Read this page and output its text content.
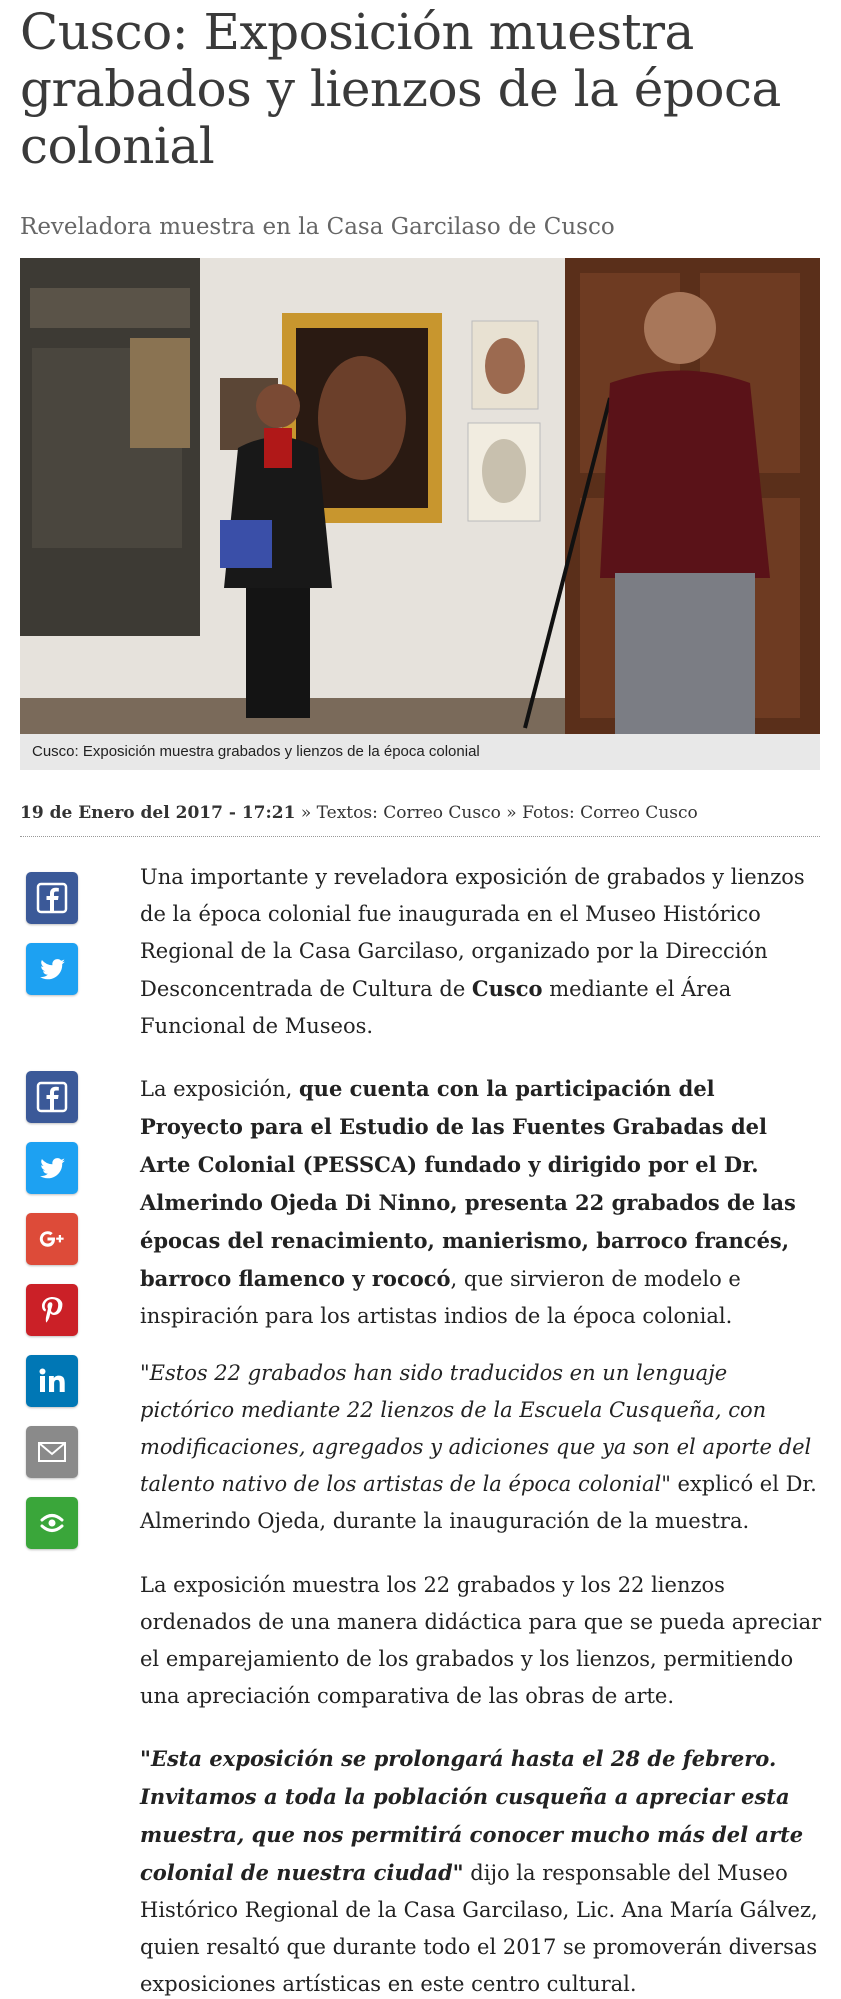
Cusco: Exposición muestra grabados y lienzos de la época colonial
Reveladora muestra en la Casa Garcilaso de Cusco
Cusco: Exposición muestra grabados y lienzos de la época colonial
19 de Enero del 2017 - 17:21 » Textos: Correo Cusco » Fotos: Correo Cusco

Una importante y reveladora exposición de grabados y lienzos de la época colonial fue inaugurada en el Museo Histórico Regional de la Casa Garcilaso, organizado por la Dirección Desconcentrada de Cultura de Cusco mediante el Área Funcional de Museos.

La exposición, que cuenta con la participación del Proyecto para el Estudio de las Fuentes Grabadas del Arte Colonial (PESSCA) fundado y dirigido por el Dr. Almerindo Ojeda Di Ninno, presenta 22 grabados de las épocas del renacimiento, manierismo, barroco francés, barroco flamenco y rococó, que sirvieron de modelo e inspiración para los artistas indios de la época colonial.

"Estos 22 grabados han sido traducidos en un lenguaje pictórico mediante 22 lienzos de la Escuela Cusqueña, con modificaciones, agregados y adiciones que ya son el aporte del talento nativo de los artistas de la época colonial" explicó el Dr. Almerindo Ojeda, durante la inauguración de la muestra.

La exposición muestra los 22 grabados y los 22 lienzos ordenados de una manera didáctica para que se pueda apreciar el emparejamiento de los grabados y los lienzos, permitiendo una apreciación comparativa de las obras de arte.

"Esta exposición se prolongará hasta el 28 de febrero. Invitamos a toda la población cusqueña a apreciar esta muestra, que nos permitirá conocer mucho más del arte colonial de nuestra ciudad" dijo la responsable del Museo Histórico Regional de la Casa Garcilaso, Lic. Ana María Gálvez, quien resaltó que durante todo el 2017 se promoverán diversas exposiciones artísticas en este centro cultural.
